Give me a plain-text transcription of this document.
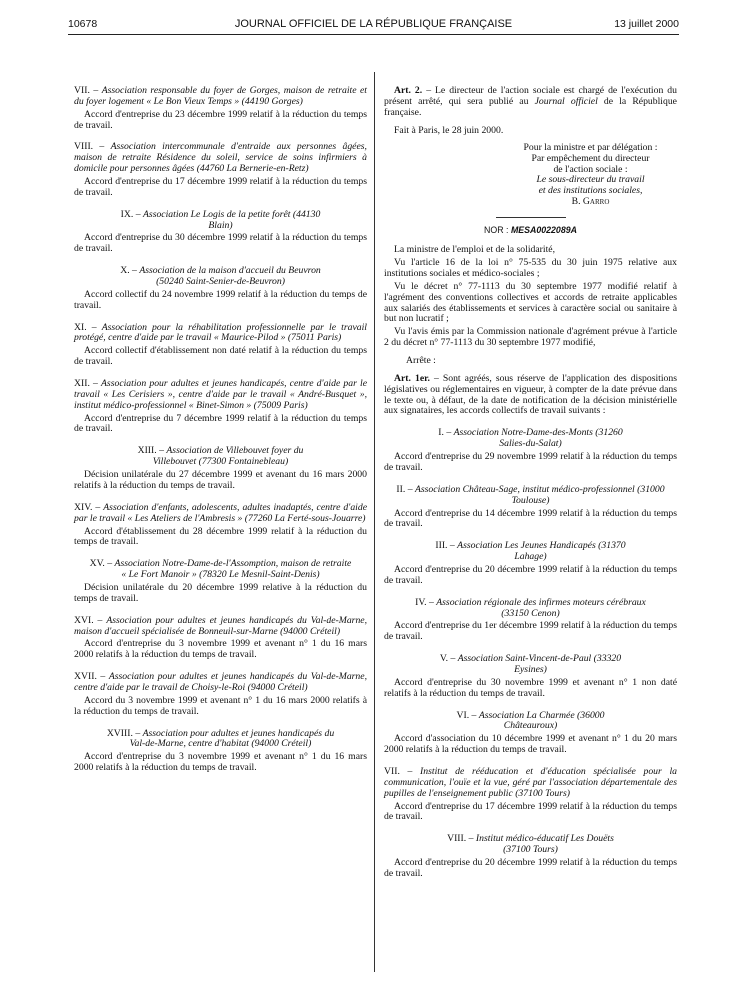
10678	JOURNAL OFFICIEL DE LA RÉPUBLIQUE FRANÇAISE	13 juillet 2000
VII. – Association responsable du foyer de Gorges, maison de retraite et du foyer logement « Le Bon Vieux Temps » (44190 Gorges)
Accord d'entreprise du 23 décembre 1999 relatif à la réduction du temps de travail.
VIII. – Association intercommunale d'entraide aux personnes âgées, maison de retraite Résidence du soleil, service de soins infirmiers à domicile pour personnes âgées (44760 La Bernerie-en-Retz)
Accord d'entreprise du 17 décembre 1999 relatif à la réduction du temps de travail.
IX. – Association Le Logis de la petite forêt (44130 Blain)
Accord d'entreprise du 30 décembre 1999 relatif à la réduction du temps de travail.
X. – Association de la maison d'accueil du Beuvron (50240 Saint-Senier-de-Beuvron)
Accord collectif du 24 novembre 1999 relatif à la réduction du temps de travail.
XI. – Association pour la réhabilitation professionnelle par le travail protégé, centre d'aide par le travail « Maurice-Pilod » (75011 Paris)
Accord collectif d'établissement non daté relatif à la réduction du temps de travail.
XII. – Association pour adultes et jeunes handicapés, centre d'aide par le travail « Les Cerisiers », centre d'aide par le travail « André-Busquet », institut médico-professionnel « Binet-Simon » (75009 Paris)
Accord d'entreprise du 7 décembre 1999 relatif à la réduction du temps de travail.
XIII. – Association de Villebouvet foyer du Villebouvet (77300 Fontainebleau)
Décision unilatérale du 27 décembre 1999 et avenant du 16 mars 2000 relatifs à la réduction du temps de travail.
XIV. – Association d'enfants, adolescents, adultes inadaptés, centre d'aide par le travail « Les Ateliers de l'Ambresis » (77260 La Ferté-sous-Jouarre)
Accord d'établissement du 28 décembre 1999 relatif à la réduction du temps de travail.
XV. – Association Notre-Dame-de-l'Assomption, maison de retraite « Le Fort Manoir » (78320 Le Mesnil-Saint-Denis)
Décision unilatérale du 20 décembre 1999 relative à la réduction du temps de travail.
XVI. – Association pour adultes et jeunes handicapés du Val-de-Marne, maison d'accueil spécialisée de Bonneuil-sur-Marne (94000 Créteil)
Accord d'entreprise du 3 novembre 1999 et avenant n° 1 du 16 mars 2000 relatifs à la réduction du temps de travail.
XVII. – Association pour adultes et jeunes handicapés du Val-de-Marne, centre d'aide par le travail de Choisy-le-Roi (94000 Créteil)
Accord du 3 novembre 1999 et avenant n° 1 du 16 mars 2000 relatifs à la réduction du temps de travail.
XVIII. – Association pour adultes et jeunes handicapés du Val-de-Marne, centre d'habitat (94000 Créteil)
Accord d'entreprise du 3 novembre 1999 et avenant n° 1 du 16 mars 2000 relatifs à la réduction du temps de travail.
Art. 2. – Le directeur de l'action sociale est chargé de l'exécution du présent arrêté, qui sera publié au Journal officiel de la République française.
Fait à Paris, le 28 juin 2000.
Pour la ministre et par délégation :
Par empêchement du directeur
de l'action sociale :
Le sous-directeur du travail
et des institutions sociales,
B. Garro
NOR : MESA0022089A
La ministre de l'emploi et de la solidarité,
Vu l'article 16 de la loi n° 75-535 du 30 juin 1975 relative aux institutions sociales et médico-sociales ;
Vu le décret n° 77-1113 du 30 septembre 1977 modifié relatif à l'agrément des conventions collectives et accords de retraite applicables aux salariés des établissements et services à caractère social ou sanitaire à but non lucratif ;
Vu l'avis émis par la Commission nationale d'agrément prévue à l'article 2 du décret n° 77-1113 du 30 septembre 1977 modifié,
Arrête :
Art. 1er. – Sont agréés, sous réserve de l'application des dispositions législatives ou réglementaires en vigueur, à compter de la date prévue dans le texte ou, à défaut, de la date de notification de la décision ministérielle aux signataires, les accords collectifs de travail suivants :
I. – Association Notre-Dame-des-Monts (31260 Salies-du-Salat)
Accord d'entreprise du 29 novembre 1999 relatif à la réduction du temps de travail.
II. – Association Château-Sage, institut médico-professionnel (31000 Toulouse)
Accord d'entreprise du 14 décembre 1999 relatif à la réduction du temps de travail.
III. – Association Les Jeunes Handicapés (31370 Lahage)
Accord d'entreprise du 20 décembre 1999 relatif à la réduction du temps de travail.
IV. – Association régionale des infirmes moteurs cérébraux (33150 Cenon)
Accord d'entreprise du 1er décembre 1999 relatif à la réduction du temps de travail.
V. – Association Saint-Vincent-de-Paul (33320 Eysines)
Accord d'entreprise du 30 novembre 1999 et avenant n° 1 non daté relatifs à la réduction du temps de travail.
VI. – Association La Charmée (36000 Châteauroux)
Accord d'association du 10 décembre 1999 et avenant n° 1 du 20 mars 2000 relatifs à la réduction du temps de travail.
VII. – Institut de rééducation et d'éducation spécialisée pour la communication, l'ouïe et la vue, géré par l'association départementale des pupilles de l'enseignement public (37100 Tours)
Accord d'entreprise du 17 décembre 1999 relatif à la réduction du temps de travail.
VIII. – Institut médico-éducatif Les Douëts (37100 Tours)
Accord d'entreprise du 20 décembre 1999 relatif à la réduction du temps de travail.
